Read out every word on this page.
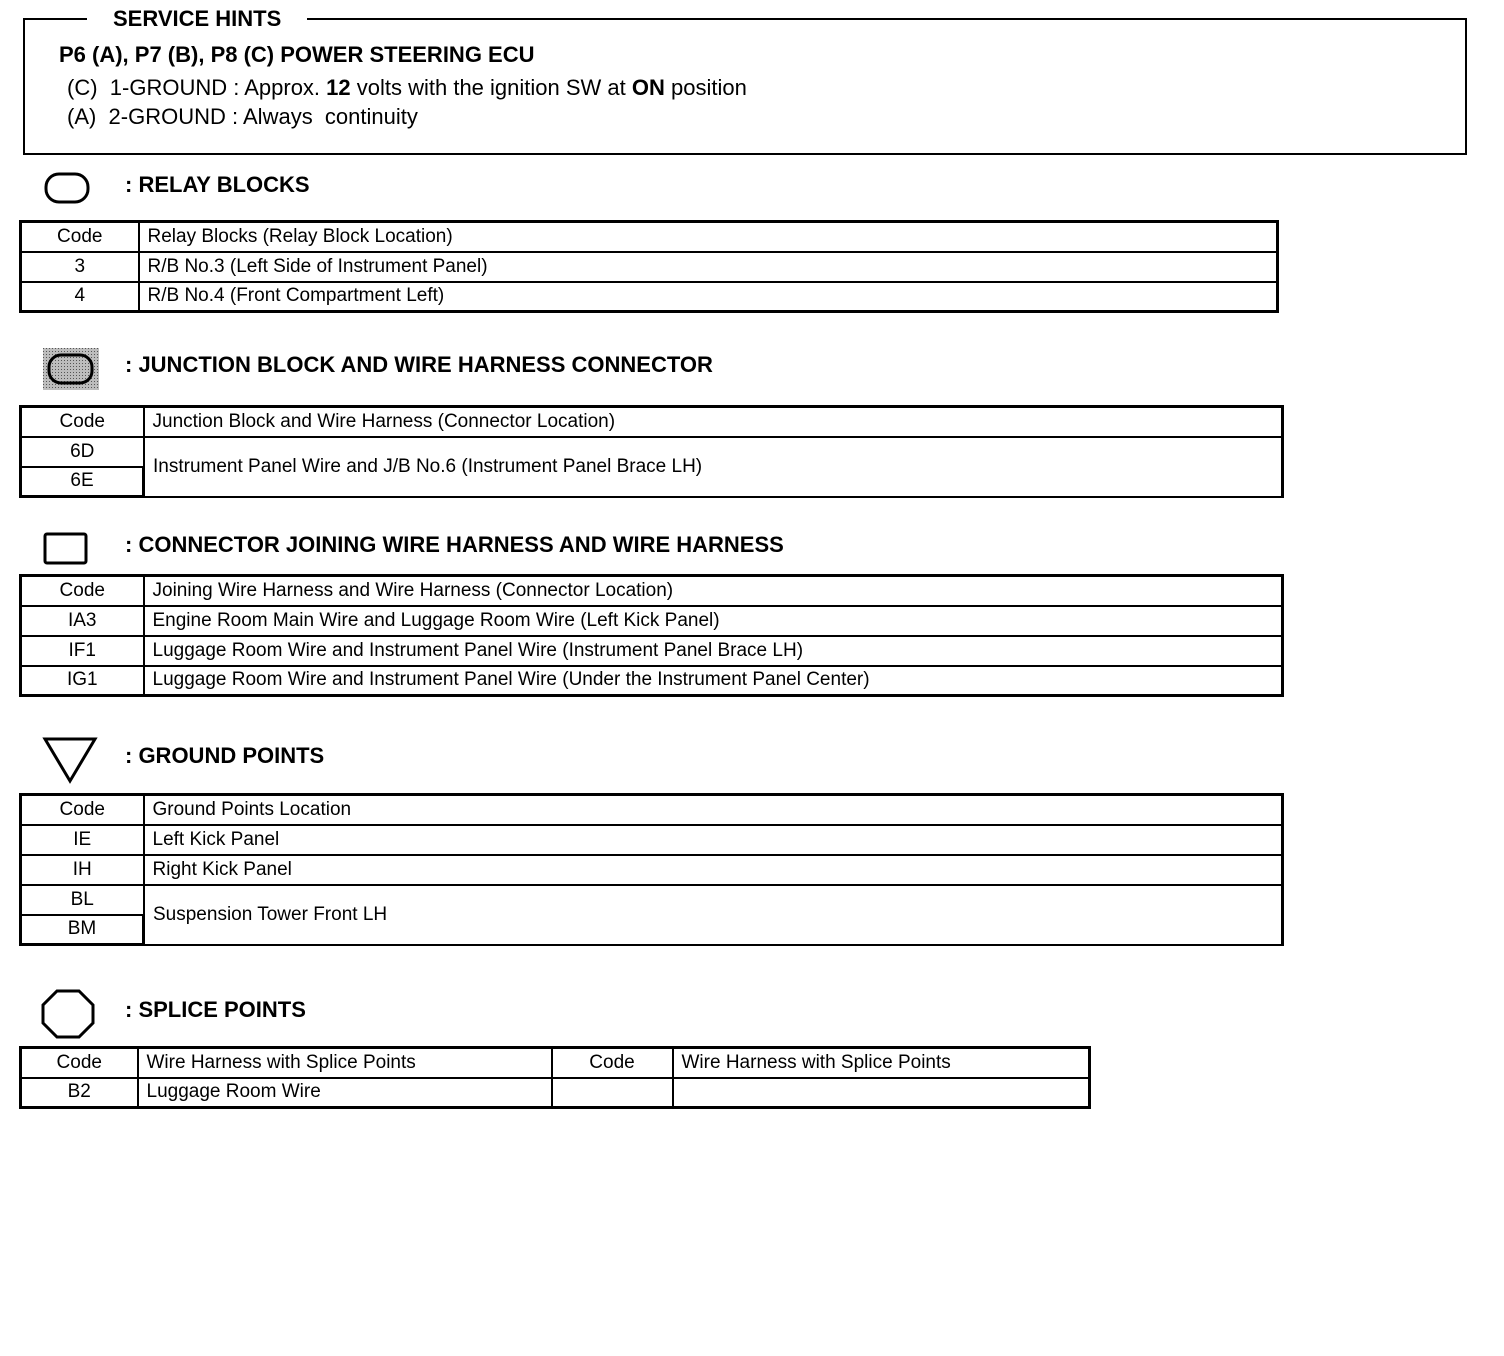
SERVICE HINTS
P6 (A), P7 (B), P8 (C) POWER STEERING ECU
(C)  1-GROUND : Approx. 12 volts with the ignition SW at ON position
(A)  2-GROUND : Always  continuity
: RELAY BLOCKS
Code	Relay Blocks (Relay Block Location)
3	R/B No.3 (Left Side of Instrument Panel)
4	R/B No.4 (Front Compartment Left)
: JUNCTION BLOCK AND WIRE HARNESS CONNECTOR
Code	Junction Block and Wire Harness (Connector Location)
6D	Instrument Panel Wire and J/B No.6 (Instrument Panel Brace LH)
6E	
: CONNECTOR JOINING WIRE HARNESS AND WIRE HARNESS
Code	Joining Wire Harness and Wire Harness (Connector Location)
IA3	Engine Room Main Wire and Luggage Room Wire (Left Kick Panel)
IF1	Luggage Room Wire and Instrument Panel Wire (Instrument Panel Brace LH)
IG1	Luggage Room Wire and Instrument Panel Wire (Under the Instrument Panel Center)
: GROUND POINTS
Code	Ground Points Location
IE	Left Kick Panel
IH	Right Kick Panel
BL	Suspension Tower Front LH
BM	
: SPLICE POINTS
Code	Wire Harness with Splice Points	Code	Wire Harness with Splice Points
B2	Luggage Room Wire		
